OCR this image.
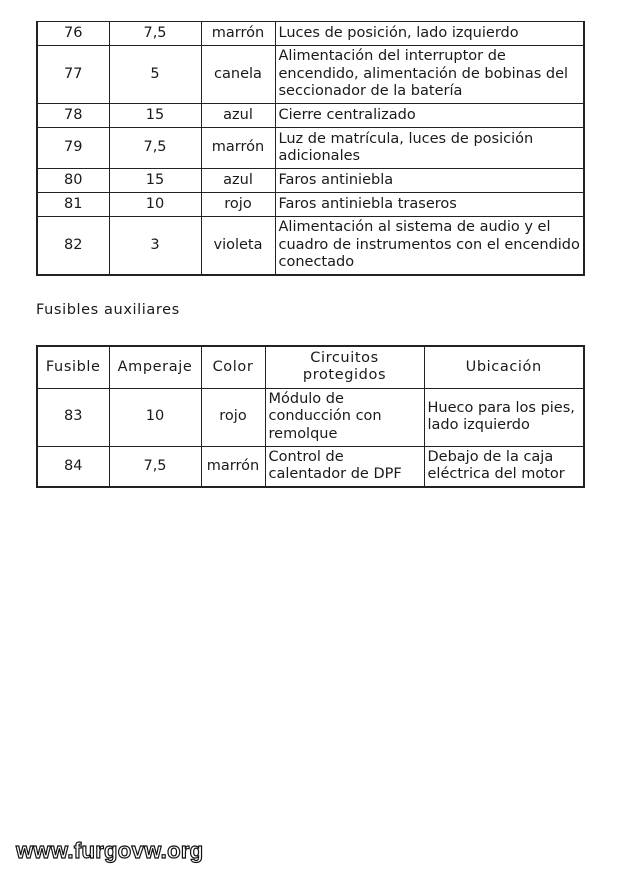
76	7,5	marrón	Luces de posición, lado izquierdo
77	5	canela	Alimentación del interruptor de encendido, alimentación de bobinas del seccionador de la batería
78	15	azul	Cierre centralizado
79	7,5	marrón	Luz de matrícula, luces de posición adicionales
80	15	azul	Faros antiniebla
81	10	rojo	Faros antiniebla traseros
82	3	violeta	Alimentación al sistema de audio y el cuadro de instrumentos con el encendido conectado
Fusibles auxiliares
Fusible	Amperaje	Color	Circuitos protegidos	Ubicación
83	10	rojo	Módulo de conducción con remolque	Hueco para los pies, lado izquierdo
84	7,5	marrón	Control de calentador de DPF	Debajo de la caja eléctrica del motor
www.furgovw.org
